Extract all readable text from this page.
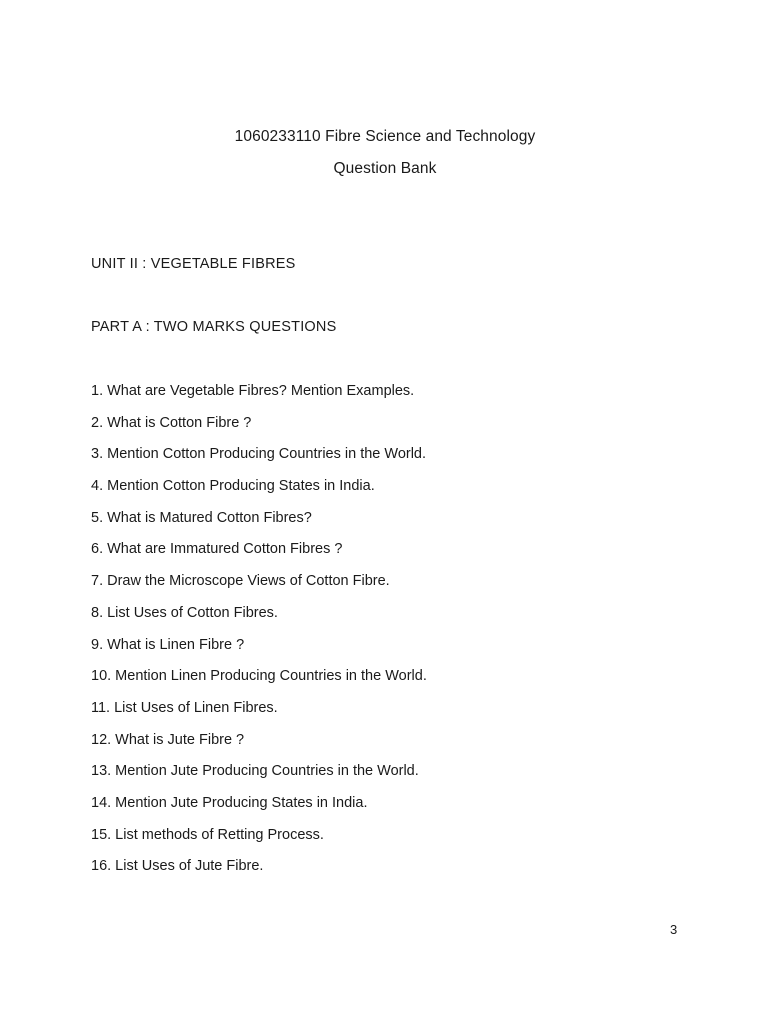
1060233110 Fibre Science and Technology
Question Bank
UNIT II : VEGETABLE FIBRES
PART A : TWO MARKS QUESTIONS
1. What are Vegetable Fibres? Mention Examples.
2. What is Cotton Fibre ?
3. Mention Cotton Producing Countries in the World.
4. Mention Cotton Producing States in India.
5. What is Matured Cotton Fibres?
6. What are Immatured Cotton Fibres ?
7. Draw the Microscope Views of Cotton Fibre.
8. List Uses of Cotton Fibres.
9. What is Linen Fibre ?
10. Mention Linen Producing Countries in the World.
11. List Uses of Linen Fibres.
12. What is Jute Fibre ?
13. Mention Jute Producing Countries in the World.
14. Mention Jute Producing States in India.
15. List methods of Retting Process.
16. List Uses of Jute Fibre.
3
